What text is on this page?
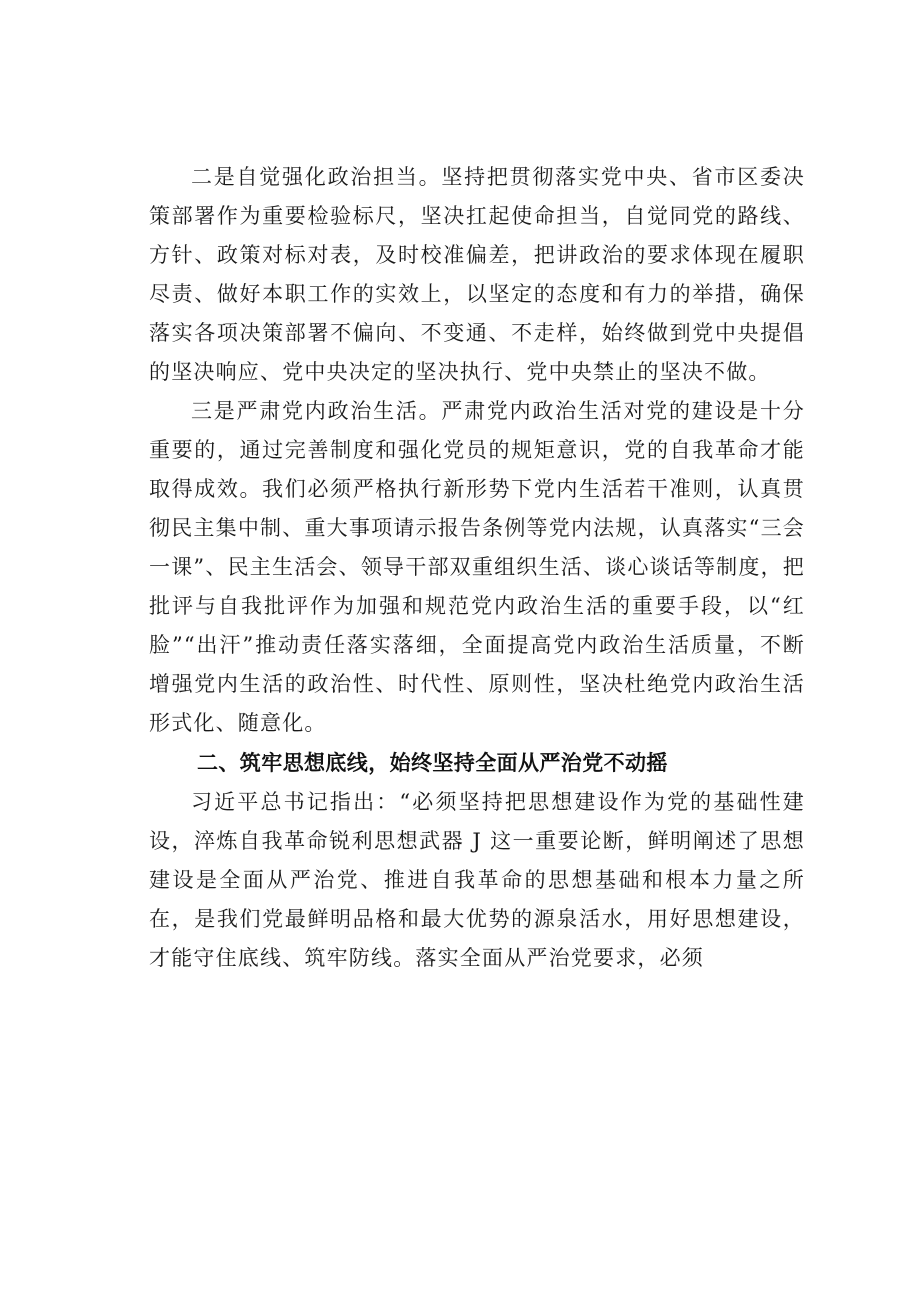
二是自觉强化政治担当。坚持把贯彻落实党中央、省市区委决策部署作为重要检验标尺，坚决扛起使命担当，自觉同党的路线、方针、政策对标对表，及时校准偏差，把讲政治的要求体现在履职尽责、做好本职工作的实效上，以坚定的态度和有力的举措，确保落实各项决策部署不偏向、不变通、不走样，始终做到党中央提倡的坚决响应、党中央决定的坚决执行、党中央禁止的坚决不做。

三是严肃党内政治生活。严肃党内政治生活对党的建设是十分重要的，通过完善制度和强化党员的规矩意识，党的自我革命才能取得成效。我们必须严格执行新形势下党内生活若干准则，认真贯彻民主集中制、重大事项请示报告条例等党内法规，认真落实“三会一课”、民主生活会、领导干部双重组织生活、谈心谈话等制度，把批评与自我批评作为加强和规范党内政治生活的重要手段，以“红脸”“出汗”推动责任落实落细，全面提高党内政治生活质量，不断增强党内生活的政治性、时代性、原则性，坚决杜绝党内政治生活形式化、随意化。

二、筑牢思想底线，始终坚持全面从严治党不动摇

习近平总书记指出：“必须坚持把思想建设作为党的基础性建设，淬炼自我革命锐利思想武器 J 这一重要论断，鲜明阐述了思想建设是全面从严治党、推进自我革命的思想基础和根本力量之所在，是我们党最鲜明品格和最大优势的源泉活水，用好思想建设，才能守住底线、筑牢防线。落实全面从严治党要求，必须
